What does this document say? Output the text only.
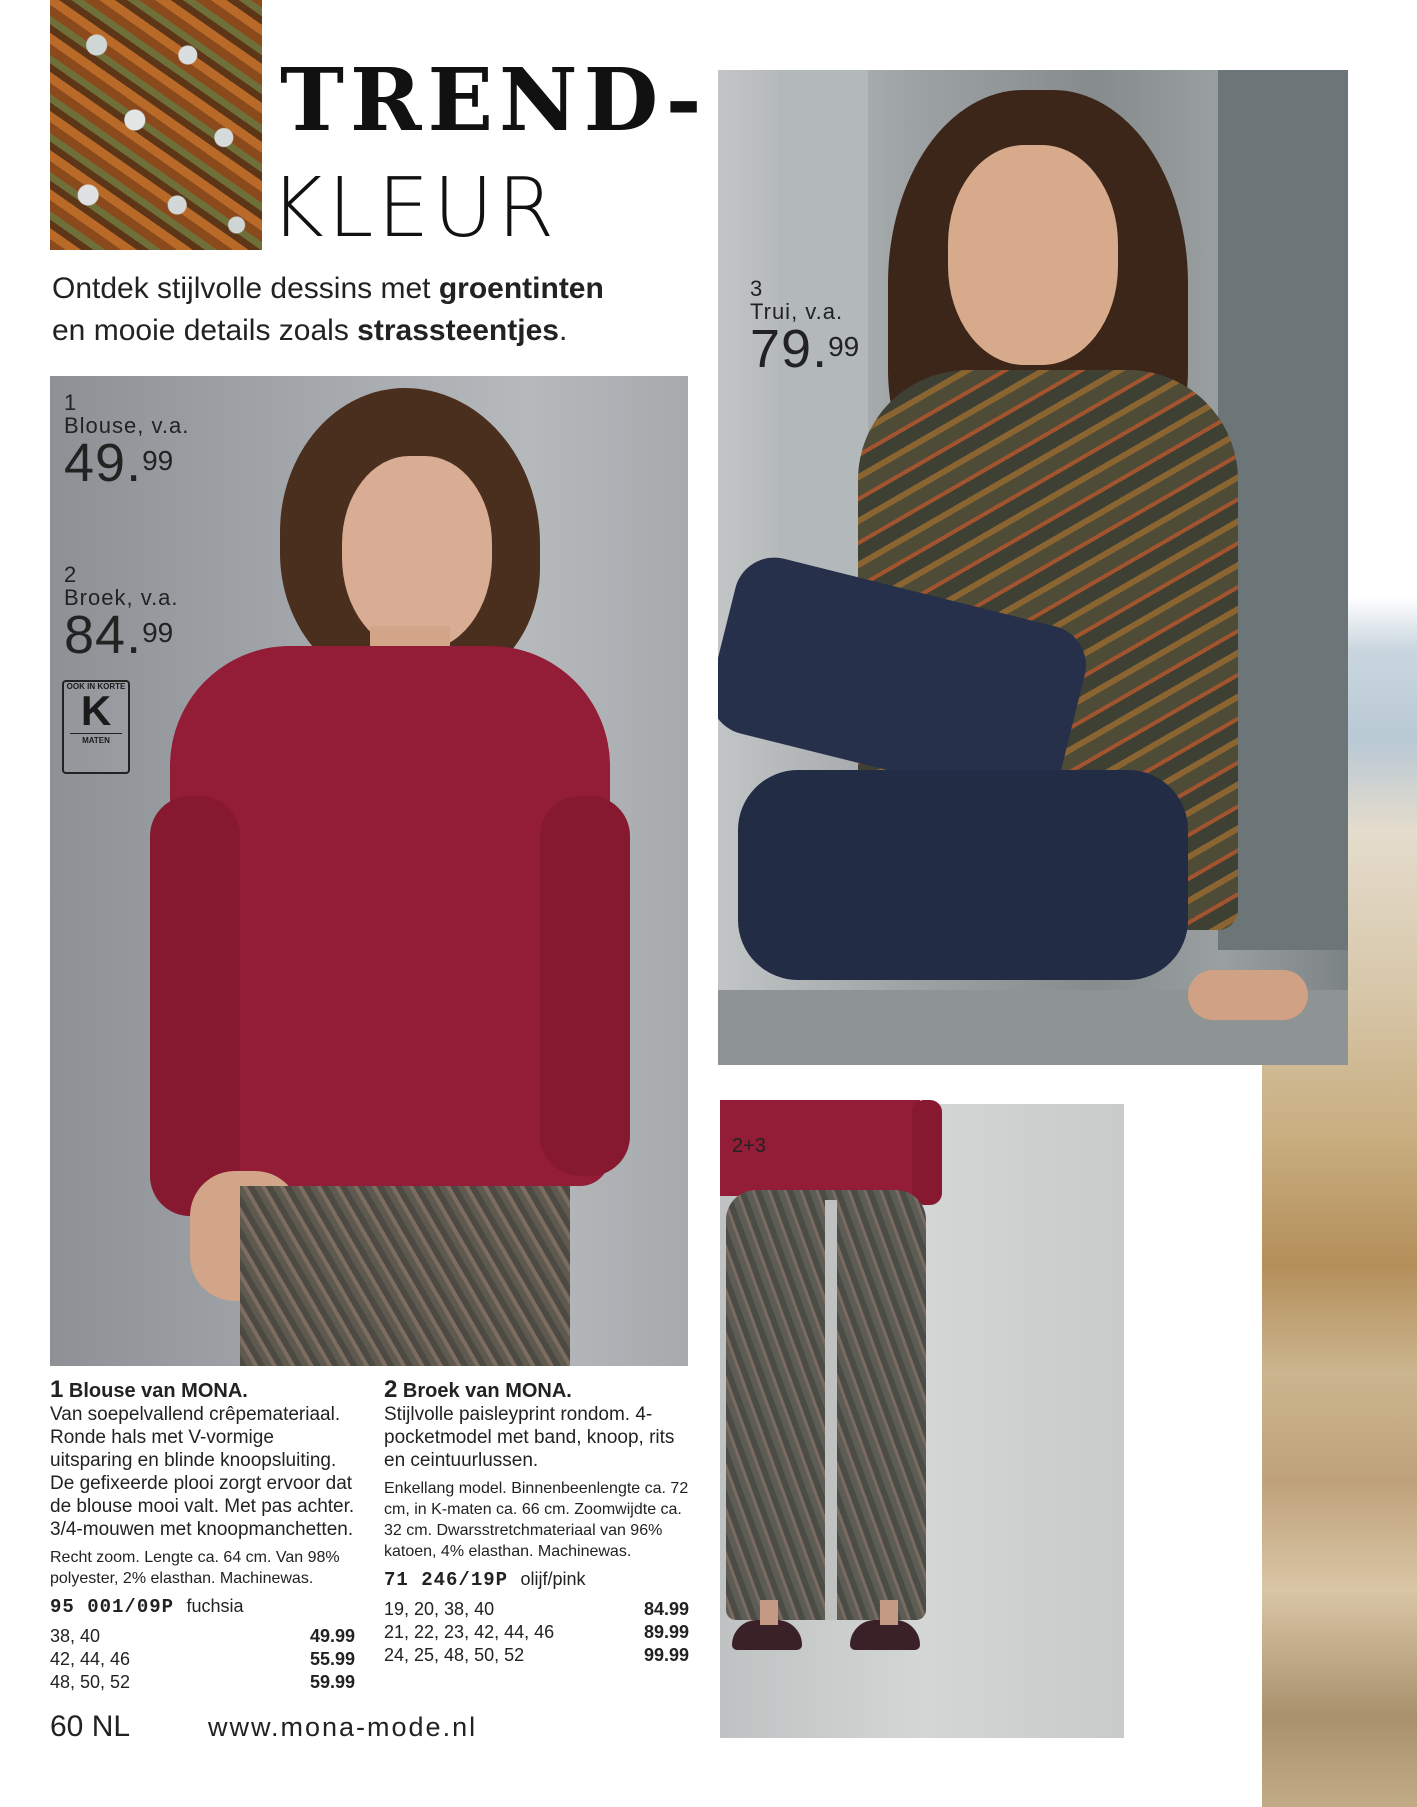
TREND-
KLEUR
Ontdek stijlvolle dessins met groentinten
en mooie details zoals strassteentjes.
1
Blouse, v.a.
49.99
2
Broek, v.a.
84.99
OOK IN KORTE
K
MATEN
3
Trui, v.a.
79.99
2+3
1 Blouse van MONA.
Van soepelvallend crêpemateriaal. Ronde hals met V-vormige uitsparing en blinde knoopsluiting. De gefixeerde plooi zorgt ervoor dat de blouse mooi valt. Met pas achter. 3/4-mouwen met knoopmanchetten.
Recht zoom. Lengte ca. 64 cm. Van 98% polyester, 2% elasthan. Machinewas.
95 001/09P fuchsia
38, 40	49.99
42, 44, 46	55.99
48, 50, 52	59.99
2 Broek van MONA.
Stijlvolle paisleyprint rondom. 4-pocketmodel met band, knoop, rits en ceintuurlussen.
Enkellang model. Binnenbeenlengte ca. 72 cm, in K-maten ca. 66 cm. Zoomwijdte ca. 32 cm. Dwarsstretchmateriaal van 96% katoen, 4% elasthan. Machinewas.
71 246/19P olijf/pink
19, 20, 38, 40	84.99
21, 22, 23, 42, 44, 46	89.99
24, 25, 48, 50, 52	99.99
60 NL	www.mona-mode.nl
